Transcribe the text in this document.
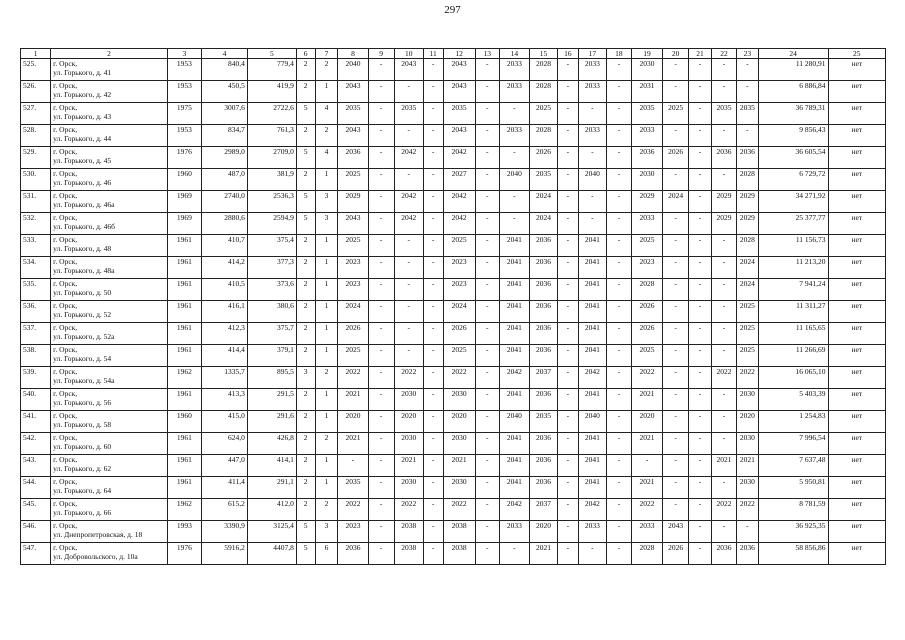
297
1	2	3	4	5	6	7	8	9	10	11	12	13	14	15	16	17	18	19	20	21	22	23	24	25
525.	г. Орск,
ул. Горького, д. 41	1953	840,4	779,4	2	2	2040	-	2043	-	2043	-	2033	2028	-	2033	-	2030	-	-	-	-	11 280,91	нет
526.	г. Орск,
ул. Горького, д. 42	1953	450,5	419,9	2	1	2043	-	-	-	2043	-	2033	2028	-	2033	-	2031	-	-	-	-	6 886,84	нет
527.	г. Орск,
ул. Горького, д. 43	1975	3007,6	2722,6	5	4	2035	-	2035	-	2035	-	-	2025	-	-	-	2035	2025	-	2035	2035	36 789,31	нет
528.	г. Орск,
ул. Горького, д. 44	1953	834,7	761,3	2	2	2043	-	-	-	2043	-	2033	2028	-	2033	-	2033	-	-	-	-	9 856,43	нет
529.	г. Орск,
ул. Горького, д. 45	1976	2989,0	2709,0	5	4	2036	-	2042	-	2042	-	-	2026	-	-	-	2036	2026	-	2036	2036	36 605,54	нет
530.	г. Орск,
ул. Горького, д. 46	1960	487,0	381,9	2	1	2025	-	-	-	2027	-	2040	2035	-	2040	-	2030	-	-	-	2028	6 729,72	нет
531.	г. Орск,
ул. Горького, д. 46а	1969	2740,0	2536,3	5	3	2029	-	2042	-	2042	-	-	2024	-	-	-	2029	2024	-	2029	2029	34 271,92	нет
532.	г. Орск,
ул. Горького, д. 46б	1969	2880,6	2594,9	5	3	2043	-	2042	-	2042	-	-	2024	-	-	-	2033	-	-	2029	2029	25 377,77	нет
533.	г. Орск,
ул. Горького, д. 48	1961	410,7	375,4	2	1	2025	-	-	-	2025	-	2041	2036	-	2041	-	2025	-	-	-	2028	11 156,73	нет
534.	г. Орск,
ул. Горького, д. 48а	1961	414,2	377,3	2	1	2023	-	-	-	2023	-	2041	2036	-	2041	-	2023	-	-	-	2024	11 213,20	нет
535.	г. Орск,
ул. Горького, д. 50	1961	410,5	373,6	2	1	2023	-	-	-	2023	-	2041	2036	-	2041	-	2028	-	-	-	2024	7 941,24	нет
536.	г. Орск,
ул. Горького, д. 52	1961	416,1	380,6	2	1	2024	-	-	-	2024	-	2041	2036	-	2041	-	2026	-	-	-	2025	11 311,27	нет
537.	г. Орск,
ул. Горького, д. 52а	1961	412,3	375,7	2	1	2026	-	-	-	2026	-	2041	2036	-	2041	-	2026	-	-	-	2025	11 165,65	нет
538.	г. Орск,
ул. Горького, д. 54	1961	414,4	379,1	2	1	2025	-	-	-	2025	-	2041	2036	-	2041	-	2025	-	-	-	2025	11 266,69	нет
539.	г. Орск,
ул. Горького, д. 54а	1962	1335,7	895,5	3	2	2022	-	2022	-	2022	-	2042	2037	-	2042	-	2022	-	-	2022	2022	16 065,10	нет
540.	г. Орск,
ул. Горького, д. 56	1961	413,3	291,5	2	1	2021	-	2030	-	2030	-	2041	2036	-	2041	-	2021	-	-	-	2030	5 403,39	нет
541.	г. Орск,
ул. Горького, д. 58	1960	415,0	291,6	2	1	2020	-	2020	-	2020	-	2040	2035	-	2040	-	2020	-	-	-	2020	1 254,83	нет
542.	г. Орск,
ул. Горького, д. 60	1961	624,0	426,8	2	2	2021	-	2030	-	2030	-	2041	2036	-	2041	-	2021	-	-	-	2030	7 996,54	нет
543.	г. Орск,
ул. Горького, д. 62	1961	447,0	414,1	2	1	-	-	2021	-	2021	-	2041	2036	-	2041	-	-	-	-	2021	2021	7 637,48	нет
544.	г. Орск,
ул. Горького, д. 64	1961	411,4	291,1	2	1	2035	-	2030	-	2030	-	2041	2036	-	2041	-	2021	-	-	-	2030	5 950,81	нет
545.	г. Орск,
ул. Горького, д. 66	1962	615,2	412,0	2	2	2022	-	2022	-	2022	-	2042	2037	-	2042	-	2022	-	-	2022	2022	8 781,59	нет
546.	г. Орск,
ул. Днепропетровская, д. 18	1993	3390,9	3125,4	5	3	2023	-	2038	-	2038	-	2033	2020	-	2033	-	2033	2043	-	-	-	36 925,35	нет
547.	г. Орск,
ул. Добровольского, д. 10а	1976	5916,2	4407,8	5	6	2036	-	2038	-	2038	-	-	2021	-	-	-	2028	2026	-	2036	2036	58 856,86	нет
